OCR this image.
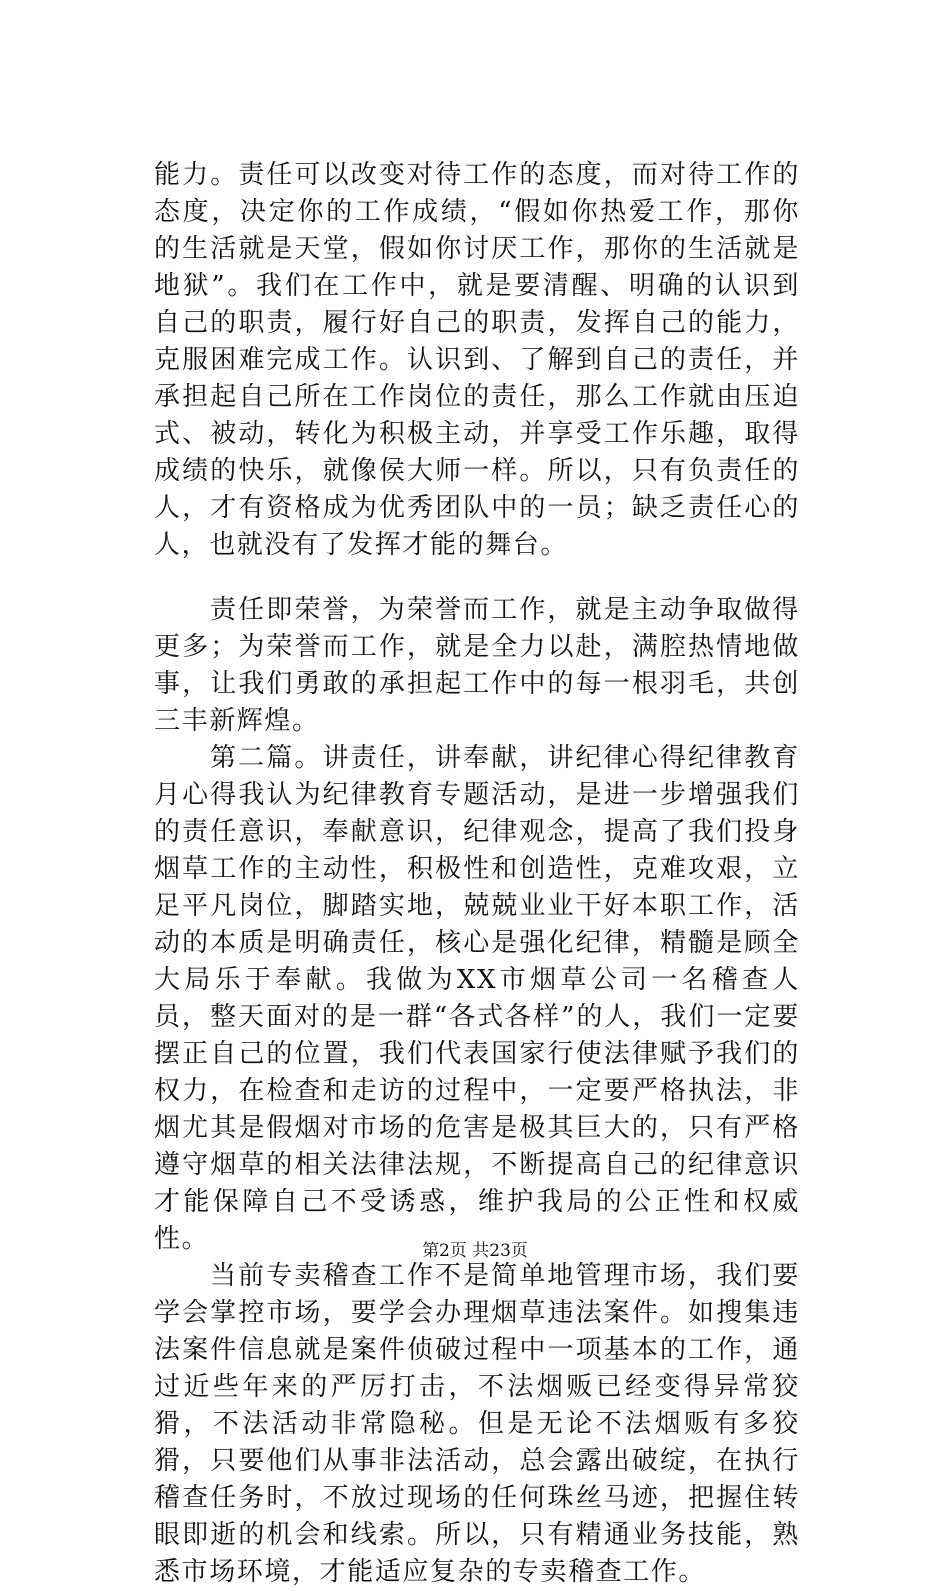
能力。责任可以改变对待工作的态度，而对待工作的态度，决定你的工作成绩，“假如你热爱工作，那你的生活就是天堂，假如你讨厌工作，那你的生活就是地狱”。我们在工作中，就是要清醒、明确的认识到自己的职责，履行好自己的职责，发挥自己的能力，克服困难完成工作。认识到、了解到自己的责任，并承担起自己所在工作岗位的责任，那么工作就由压迫式、被动，转化为积极主动，并享受工作乐趣，取得成绩的快乐，就像侯大师一样。所以，只有负责任的人，才有资格成为优秀团队中的一员；缺乏责任心的人，也就没有了发挥才能的舞台。

责任即荣誉，为荣誉而工作，就是主动争取做得更多；为荣誉而工作，就是全力以赴，满腔热情地做事，让我们勇敢的承担起工作中的每一根羽毛，共创三丰新辉煌。

第二篇。讲责任，讲奉献，讲纪律心得纪律教育月心得我认为纪律教育专题活动，是进一步增强我们的责任意识，奉献意识，纪律观念，提高了我们投身烟草工作的主动性，积极性和创造性，克难攻艰，立足平凡岗位，脚踏实地，兢兢业业干好本职工作，活动的本质是明确责任，核心是强化纪律，精髓是顾全大局乐于奉献。我做为XX市烟草公司一名稽查人员，整天面对的是一群“各式各样”的人，我们一定要摆正自己的位置，我们代表国家行使法律赋予我们的权力，在检查和走访的过程中，一定要严格执法，非烟尤其是假烟对市场的危害是极其巨大的，只有严格遵守烟草的相关法律法规，不断提高自己的纪律意识才能保障自己不受诱惑，维护我局的公正性和权威性。

当前专卖稽查工作不是简单地管理市场，我们要学会掌控市场，要学会办理烟草违法案件。如搜集违法案件信息就是案件侦破过程中一项基本的工作，通过近些年来的严厉打击，不法烟贩已经变得异常狡猾，不法活动非常隐秘。但是无论不法烟贩有多狡猾，只要他们从事非法活动，总会露出破绽，在执行稽查任务时，不放过现场的任何珠丝马迹，把握住转眼即逝的机会和线索。所以，只有精通业务技能，熟悉市场环境，才能适应复杂的专卖稽查工作。

第2页 共23页
